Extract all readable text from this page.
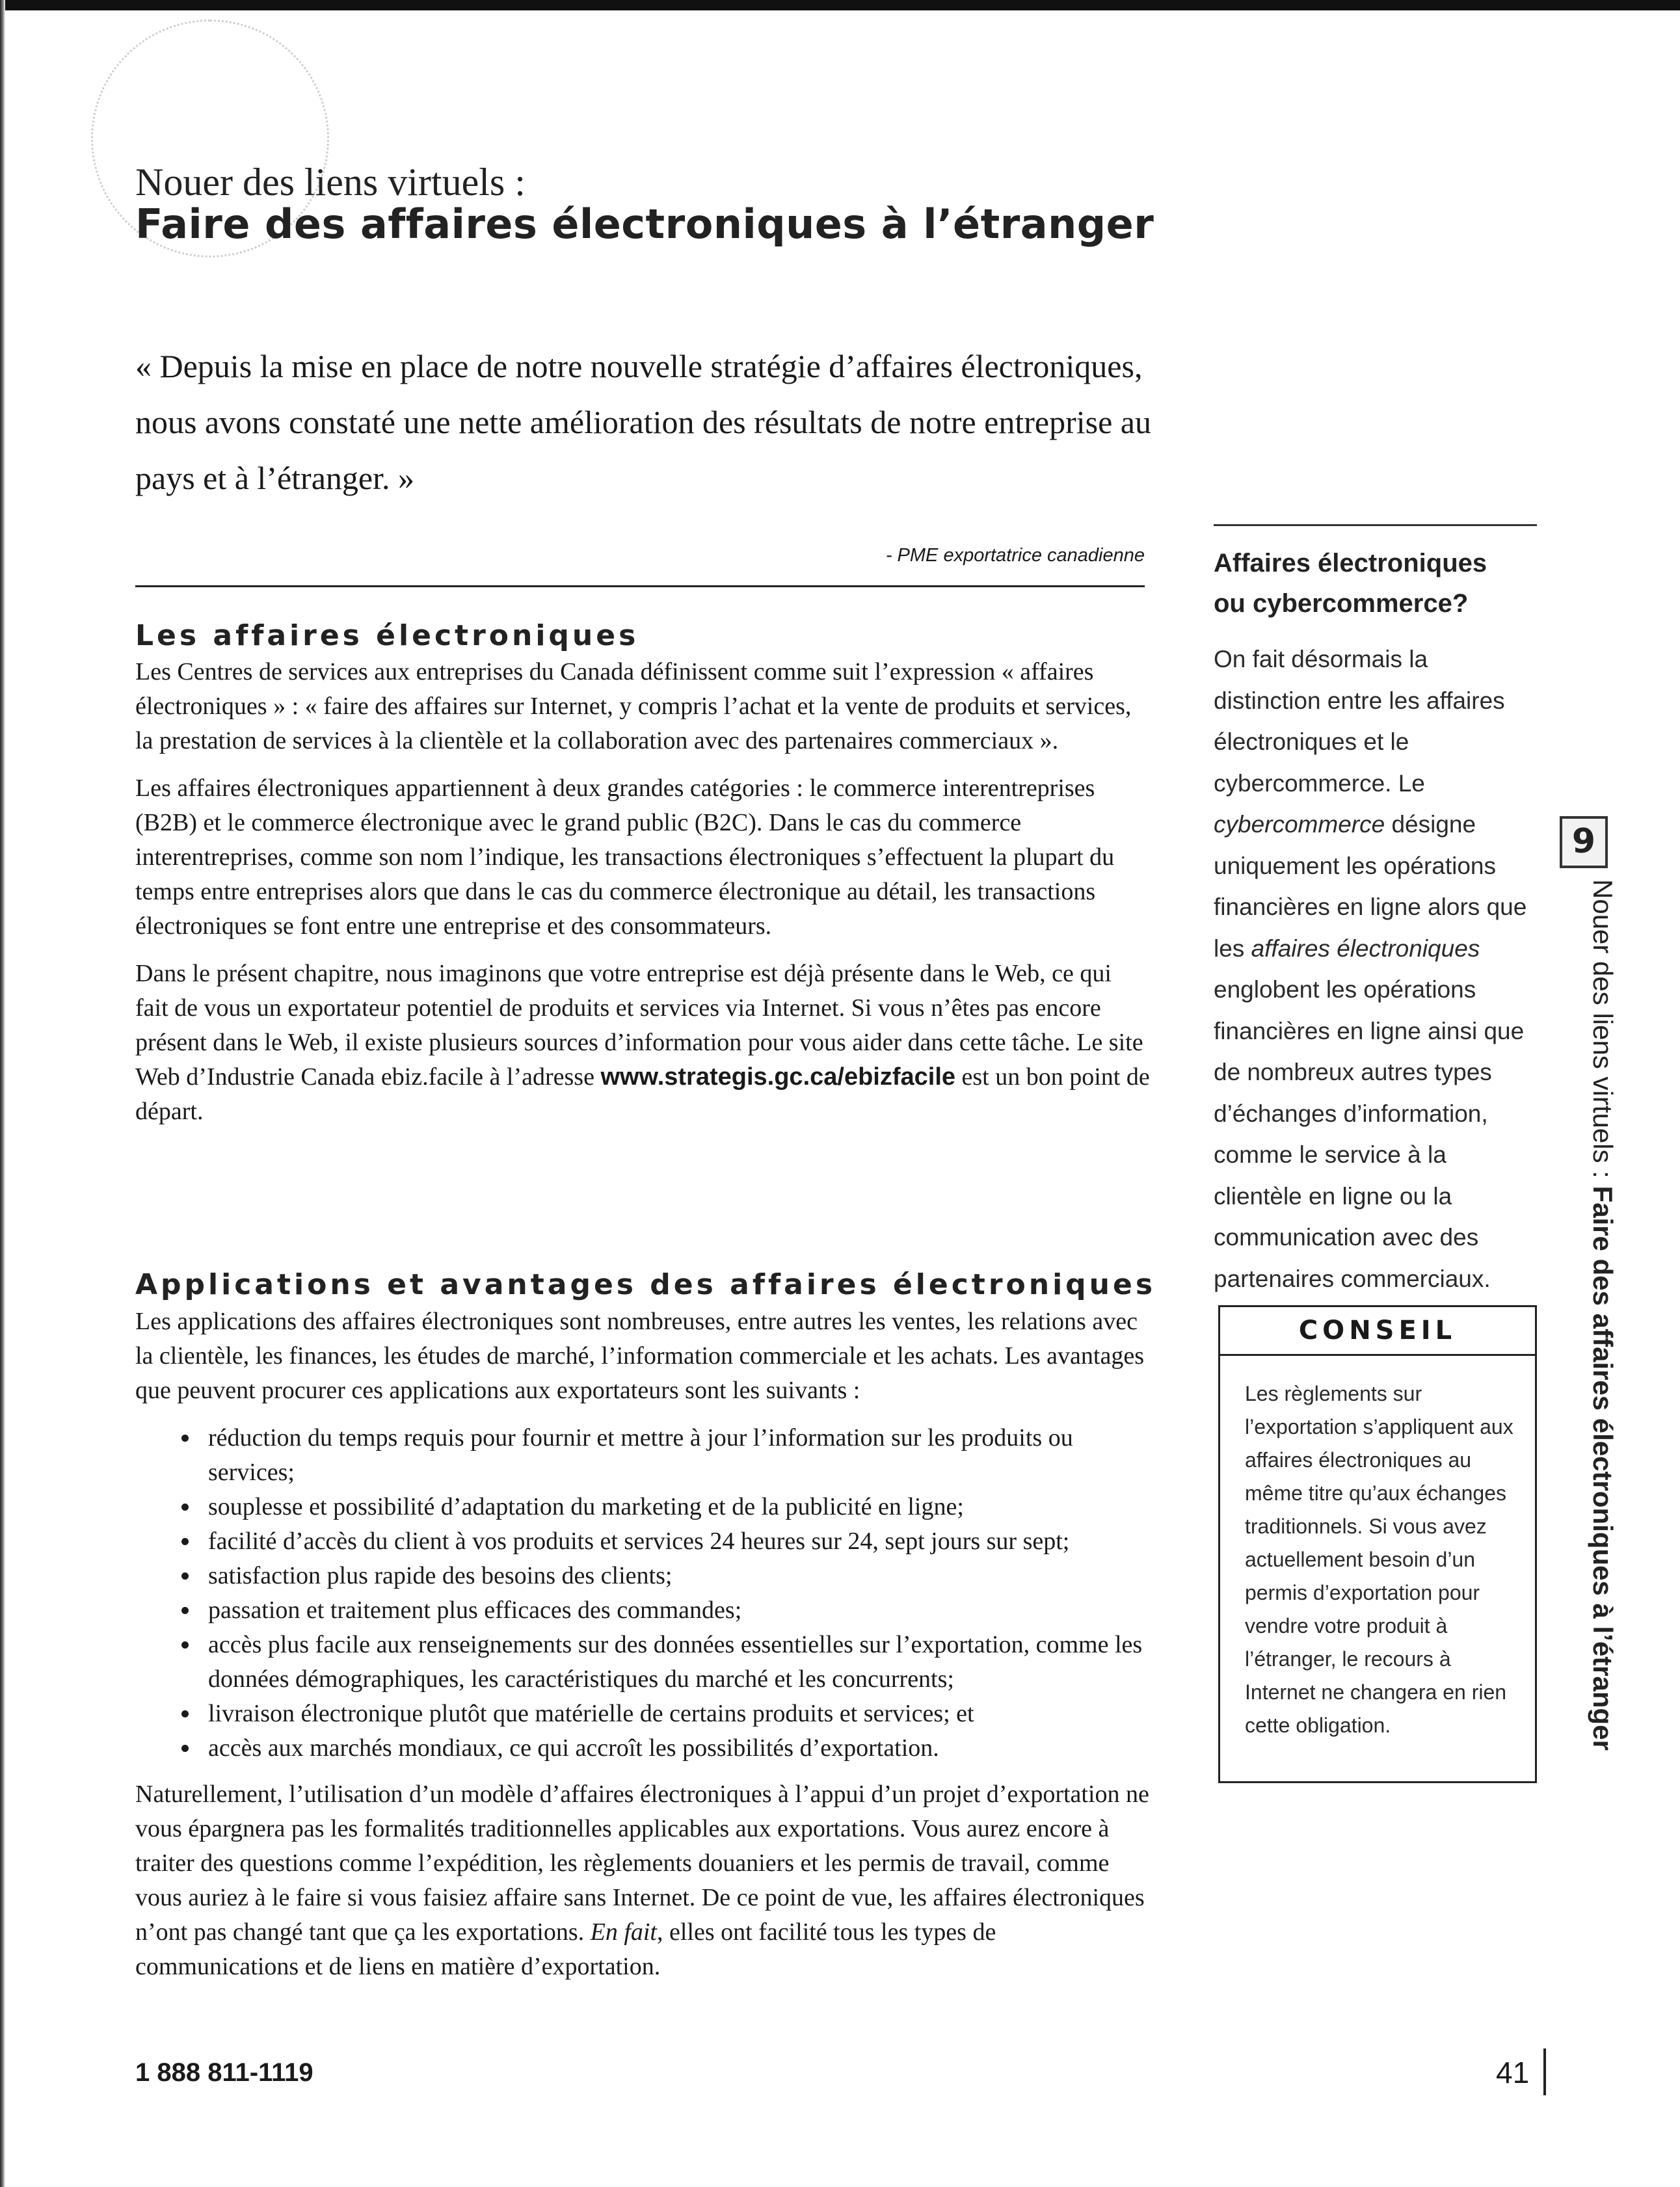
Nouer des liens virtuels :
Faire des affaires électroniques à l’étranger
« Depuis la mise en place de notre nouvelle stratégie d’affaires électroniques, nous avons constaté une nette amélioration des résultats de notre entreprise au pays et à l’étranger. »
- PME exportatrice canadienne
Les affaires électroniques

Les Centres de services aux entreprises du Canada définissent comme suit l’expression « affaires électroniques » : « faire des affaires sur Internet, y compris l’achat et la vente de produits et services, la prestation de services à la clientèle et la collaboration avec des partenaires commerciaux ».

Les affaires électroniques appartiennent à deux grandes catégories : le commerce interentreprises (B2B) et le commerce électronique avec le grand public (B2C). Dans le cas du commerce interentreprises, comme son nom l’indique, les transactions électroniques s’effectuent la plupart du temps entre entreprises alors que dans le cas du commerce électronique au détail, les transactions électroniques se font entre une entreprise et des consommateurs.

Dans le présent chapitre, nous imaginons que votre entreprise est déjà présente dans le Web, ce qui fait de vous un exportateur potentiel de produits et services via Internet. Si vous n’êtes pas encore présent dans le Web, il existe plusieurs sources d’information pour vous aider dans cette tâche. Le site Web d’Industrie Canada ebiz.facile à l’adresse www.strategis.gc.ca/ebizfacile est un bon point de départ.

Applications et avantages des affaires électroniques

Les applications des affaires électroniques sont nombreuses, entre autres les ventes, les relations avec la clientèle, les finances, les études de marché, l’information commerciale et les achats. Les avantages que peuvent procurer ces applications aux exportateurs sont les suivants :

• réduction du temps requis pour fournir et mettre à jour l’information sur les produits ou services;
• souplesse et possibilité d’adaptation du marketing et de la publicité en ligne;
• facilité d’accès du client à vos produits et services 24 heures sur 24, sept jours sur sept;
• satisfaction plus rapide des besoins des clients;
• passation et traitement plus efficaces des commandes;
• accès plus facile aux renseignements sur des données essentielles sur l’exportation, comme les données démographiques, les caractéristiques du marché et les concurrents;
• livraison électronique plutôt que matérielle de certains produits et services; et
• accès aux marchés mondiaux, ce qui accroît les possibilités d’exportation.

Naturellement, l’utilisation d’un modèle d’affaires électroniques à l’appui d’un projet d’exportation ne vous épargnera pas les formalités traditionnelles applicables aux exportations. Vous aurez encore à traiter des questions comme l’expédition, les règlements douaniers et les permis de travail, comme vous auriez à le faire si vous faisiez affaire sans Internet. De ce point de vue, les affaires électroniques n’ont pas changé tant que ça les exportations. En fait, elles ont facilité tous les types de communications et de liens en matière d’exportation.

Affaires électroniques ou cybercommerce?
On fait désormais la distinction entre les affaires électroniques et le cybercommerce. Le cybercommerce désigne uniquement les opérations financières en ligne alors que les affaires électroniques englobent les opérations financières en ligne ainsi que de nombreux autres types d’échanges d’information, comme le service à la clientèle en ligne ou la communication avec des partenaires commerciaux.
CONSEIL
Les règlements sur l’exportation s’appliquent aux affaires électroniques au même titre qu’aux échanges traditionnels. Si vous avez actuellement besoin d’un permis d’exportation pour vendre votre produit à l’étranger, le recours à Internet ne changera en rien cette obligation.
9
Nouer des liens virtuels : Faire des affaires électroniques à l’étranger
1 888 811-1119	41
